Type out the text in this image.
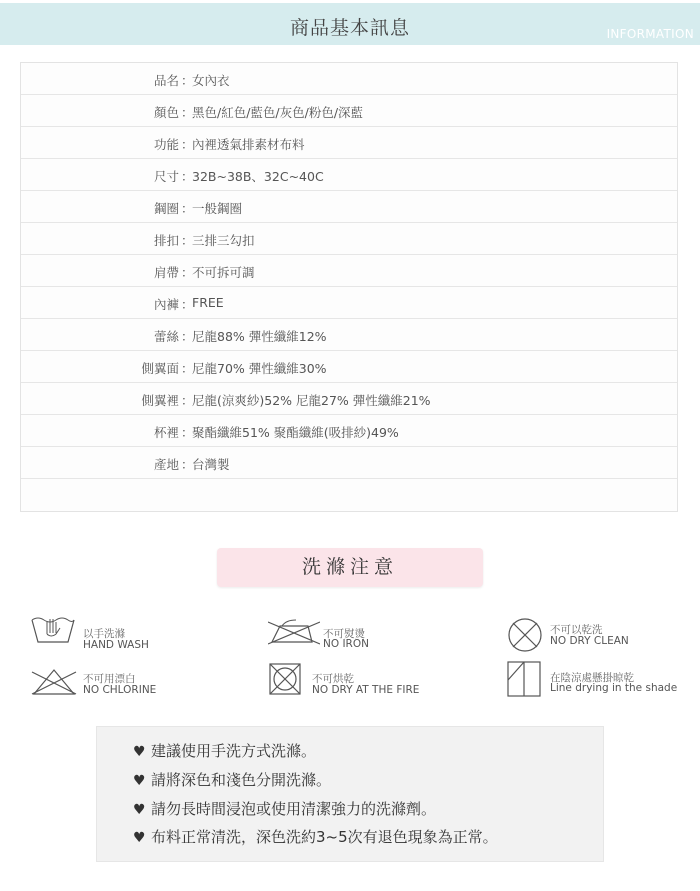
商品基本訊息	INFORMATION
品名 ：
女內衣
顏色 ：
黑色/紅色/藍色/灰色/粉色/深藍
功能 ：
內裡透氣排素材布料
尺寸 ：
32B~38B、32C~40C
鋼圈 ：
一般鋼圈
排扣 ：
三排三勾扣
肩帶 ：
不可拆可調
內褲 ：
FREE
蕾絲 ：
尼龍88% 彈性纖維12%
側翼面 ：
尼龍70% 彈性纖維30%
側翼裡 ：
尼龍(涼爽紗)52% 尼龍27% 彈性纖維21%
杯裡 ：
聚酯纖維51% 聚酯纖維(吸排紗)49%
產地 ：
台灣製
洗滌注意
以手洗滌
HAND WASH
不可熨燙
NO IRON
不可以乾洗
NO DRY CLEAN
不可用漂白
NO CHLORINE
不可烘乾
NO DRY AT THE FIRE
在陰涼處懸掛晾乾
Line drying in the shade
♥ 建議使用手洗方式洗滌。
♥ 請將深色和淺色分開洗滌。
♥ 請勿長時間浸泡或使用清潔強力的洗滌劑。
♥ 布料正常清洗，深色洗約3~5次有退色現象為正常。
